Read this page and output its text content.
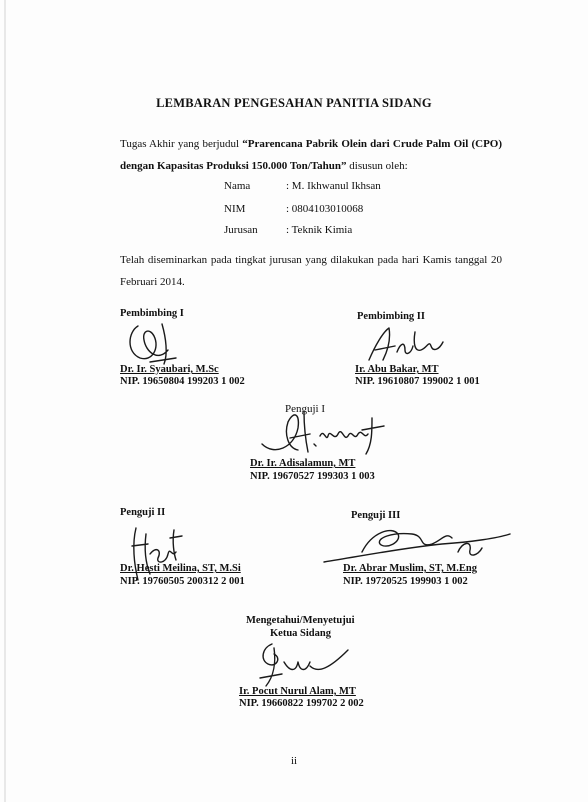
LEMBARAN PENGESAHAN PANITIA SIDANG
Tugas Akhir yang berjudul “Prarencana Pabrik Olein dari Crude Palm Oil (CPO) dengan Kapasitas Produksi 150.000 Ton/Tahun” disusun oleh:
Nama	: M. Ikhwanul Ikhsan
NIM	: 0804103010068
Jurusan	: Teknik Kimia
Telah diseminarkan pada tingkat jurusan yang dilakukan pada hari Kamis tanggal 20 Februari 2014.
Pembimbing I
Dr. Ir. Syaubari, M.Sc
NIP. 19650804 199203 1 002
Pembimbing II
Ir. Abu Bakar, MT
NIP. 19610807 199002 1 001
Penguji I
Dr. Ir. Adisalamun, MT
NIP. 19670527 199303 1 003
Penguji II
Dr. Hesti Meilina, ST, M.Si
NIP. 19760505 200312 2 001
Penguji III
Dr. Abrar Muslim, ST, M.Eng
NIP. 19720525 199903 1 002
Mengetahui/Menyetujui
Ketua Sidang
Ir. Pocut Nurul Alam, MT
NIP. 19660822 199702 2 002
ii
